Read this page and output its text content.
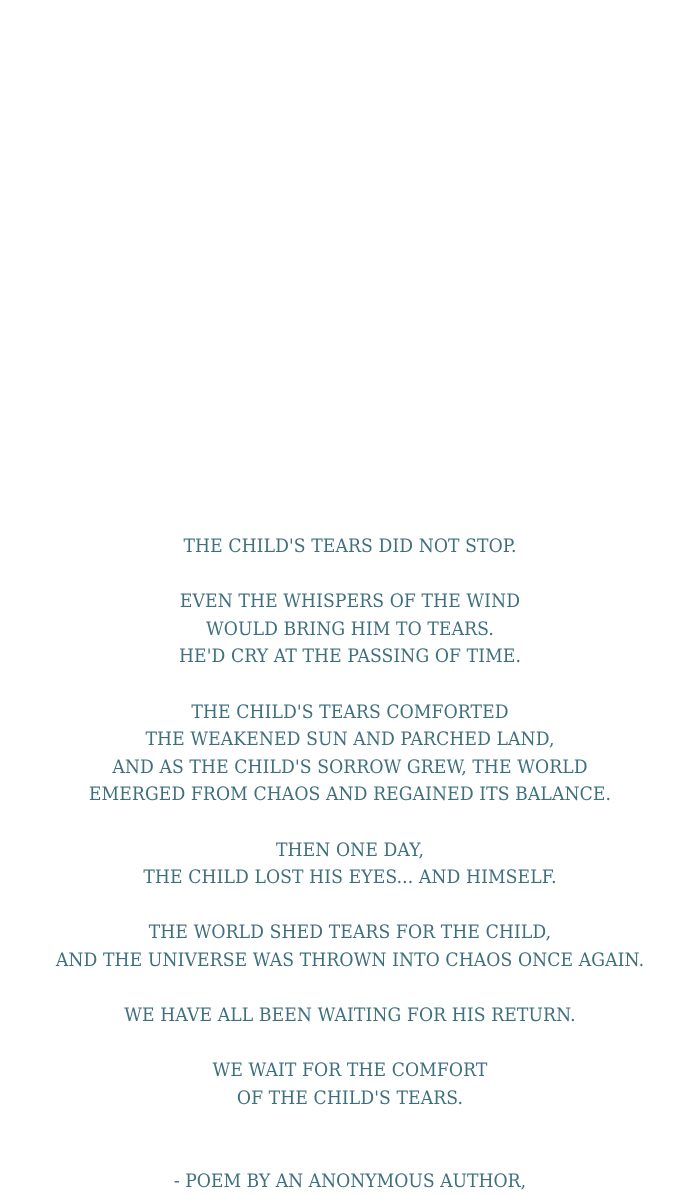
THE CHILD'S TEARS DID NOT STOP.
EVEN THE WHISPERS OF THE WIND
WOULD BRING HIM TO TEARS.
HE'D CRY AT THE PASSING OF TIME.
THE CHILD'S TEARS COMFORTED
THE WEAKENED SUN AND PARCHED LAND,
AND AS THE CHILD'S SORROW GREW, THE WORLD
EMERGED FROM CHAOS AND REGAINED ITS BALANCE.
THEN ONE DAY,
THE CHILD LOST HIS EYES... AND HIMSELF.
THE WORLD SHED TEARS FOR THE CHILD,
AND THE UNIVERSE WAS THROWN INTO CHAOS ONCE AGAIN.
WE HAVE ALL BEEN WAITING FOR HIS RETURN.
WE WAIT FOR THE COMFORT
OF THE CHILD'S TEARS.
- POEM BY AN ANONYMOUS AUTHOR,
